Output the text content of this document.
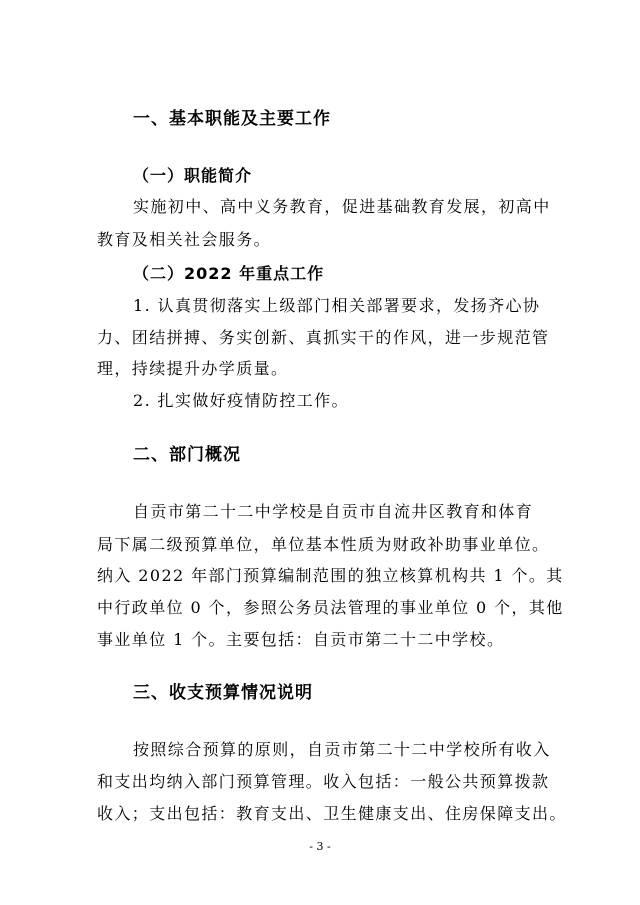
一、基本职能及主要工作
（一）职能简介
实施初中、高中义务教育，促进基础教育发展，初高中
教育及相关社会服务。
（二）2022 年重点工作
1. 认真贯彻落实上级部门相关部署要求，发扬齐心协
力、团结拼搏、务实创新、真抓实干的作风，进一步规范管
理，持续提升办学质量。
2. 扎实做好疫情防控工作。
二、部门概况
自贡市第二十二中学校是自贡市自流井区教育和体育
局下属二级预算单位，单位基本性质为财政补助事业单位。
纳入 2022 年部门预算编制范围的独立核算机构共 1 个。其
中行政单位 0 个，参照公务员法管理的事业单位 0 个，其他
事业单位 1 个。主要包括：自贡市第二十二中学校。
三、收支预算情况说明
按照综合预算的原则，自贡市第二十二中学校所有收入
和支出均纳入部门预算管理。收入包括：一般公共预算拨款
收入；支出包括：教育支出、卫生健康支出、住房保障支出。
- 3 -
